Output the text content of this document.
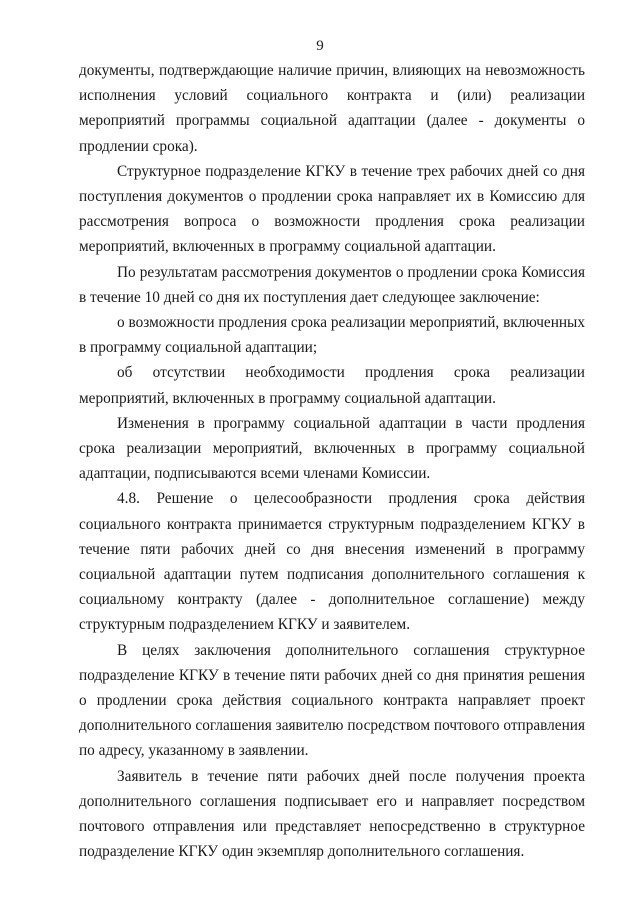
9

документы, подтверждающие наличие причин, влияющих на невозможность исполнения условий социального контракта и (или) реализации мероприятий программы социальной адаптации (далее - документы о продлении срока).

Структурное подразделение КГКУ в течение трех рабочих дней со дня поступления документов о продлении срока направляет их в Комиссию для рассмотрения вопроса о возможности продления срока реализации мероприятий, включенных в программу социальной адаптации.

По результатам рассмотрения документов о продлении срока Комиссия в течение 10 дней со дня их поступления дает следующее заключение:

о возможности продления срока реализации мероприятий, включенных в программу социальной адаптации;

об отсутствии необходимости продления срока реализации мероприятий, включенных в программу социальной адаптации.

Изменения в программу социальной адаптации в части продления срока реализации мероприятий, включенных в программу социальной адаптации, подписываются всеми членами Комиссии.

4.8. Решение о целесообразности продления срока действия социального контракта принимается структурным подразделением КГКУ в течение пяти рабочих дней со дня внесения изменений в программу социальной адаптации путем подписания дополнительного соглашения к социальному контракту (далее - дополнительное соглашение) между структурным подразделением КГКУ и заявителем.

В целях заключения дополнительного соглашения структурное подразделение КГКУ в течение пяти рабочих дней со дня принятия решения о продлении срока действия социального контракта направляет проект дополнительного соглашения заявителю посредством почтового отправления по адресу, указанному в заявлении.

Заявитель в течение пяти рабочих дней после получения проекта дополнительного соглашения подписывает его и направляет посредством почтового отправления или представляет непосредственно в структурное подразделение КГКУ один экземпляр дополнительного соглашения.
